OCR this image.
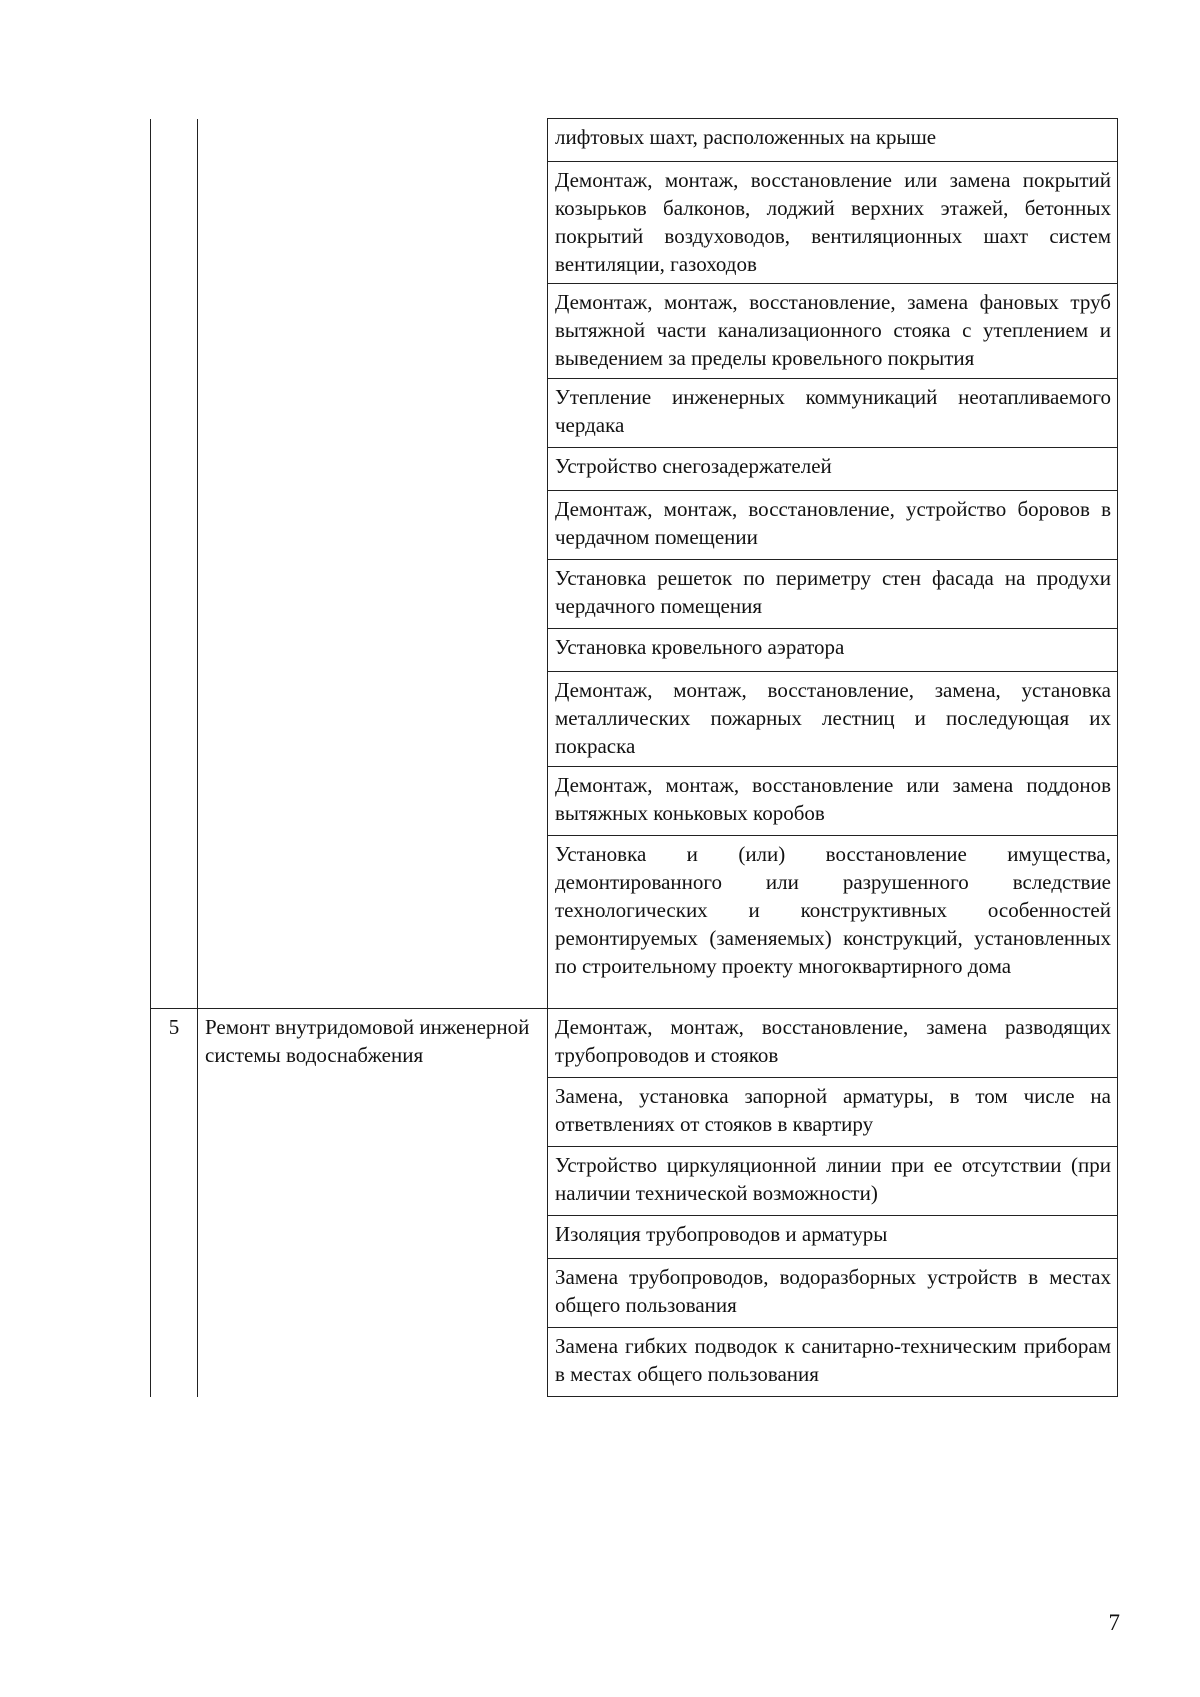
		лифтовых шахт, расположенных на крыше

		Демонтаж, монтаж, восстановление или замена покрытий козырьков балконов, лоджий верхних этажей, бетонных покрытий воздуховодов, вентиляционных шахт систем вентиляции, газоходов

		Демонтаж, монтаж, восстановление, замена фановых труб вытяжной части канализационного стояка с утеплением и выведением за пределы кровельного покрытия

		Утепление инженерных коммуникаций неотапливаемого чердака

		Устройство снегозадержателей

		Демонтаж, монтаж, восстановление, устройство боровов в чердачном помещении

		Установка решеток по периметру стен фасада на продухи чердачного помещения

		Установка кровельного аэратора

		Демонтаж, монтаж, восстановление, замена, установка металлических пожарных лестниц и последующая их покраска

		Демонтаж, монтаж, восстановление или замена поддонов вытяжных коньковых коробов

		Установка и (или) восстановление имущества, демонтированного или разрушенного вследствие технологических и конструктивных особенностей ремонтируемых (заменяемых) конструкций, установленных по строительному проекту многоквартирного дома

5	Ремонт внутридомовой инженерной системы водоснабжения	Демонтаж, монтаж, восстановление, замена разводящих трубопроводов и стояков

		Замена, установка запорной арматуры, в том числе на ответвлениях от стояков в квартиру

		Устройство циркуляционной линии при ее отсутствии (при наличии технической возможности)

		Изоляция трубопроводов и арматуры

		Замена трубопроводов, водоразборных устройств в местах общего пользования

		Замена гибких подводок к санитарно-техническим приборам в местах общего пользования
7
